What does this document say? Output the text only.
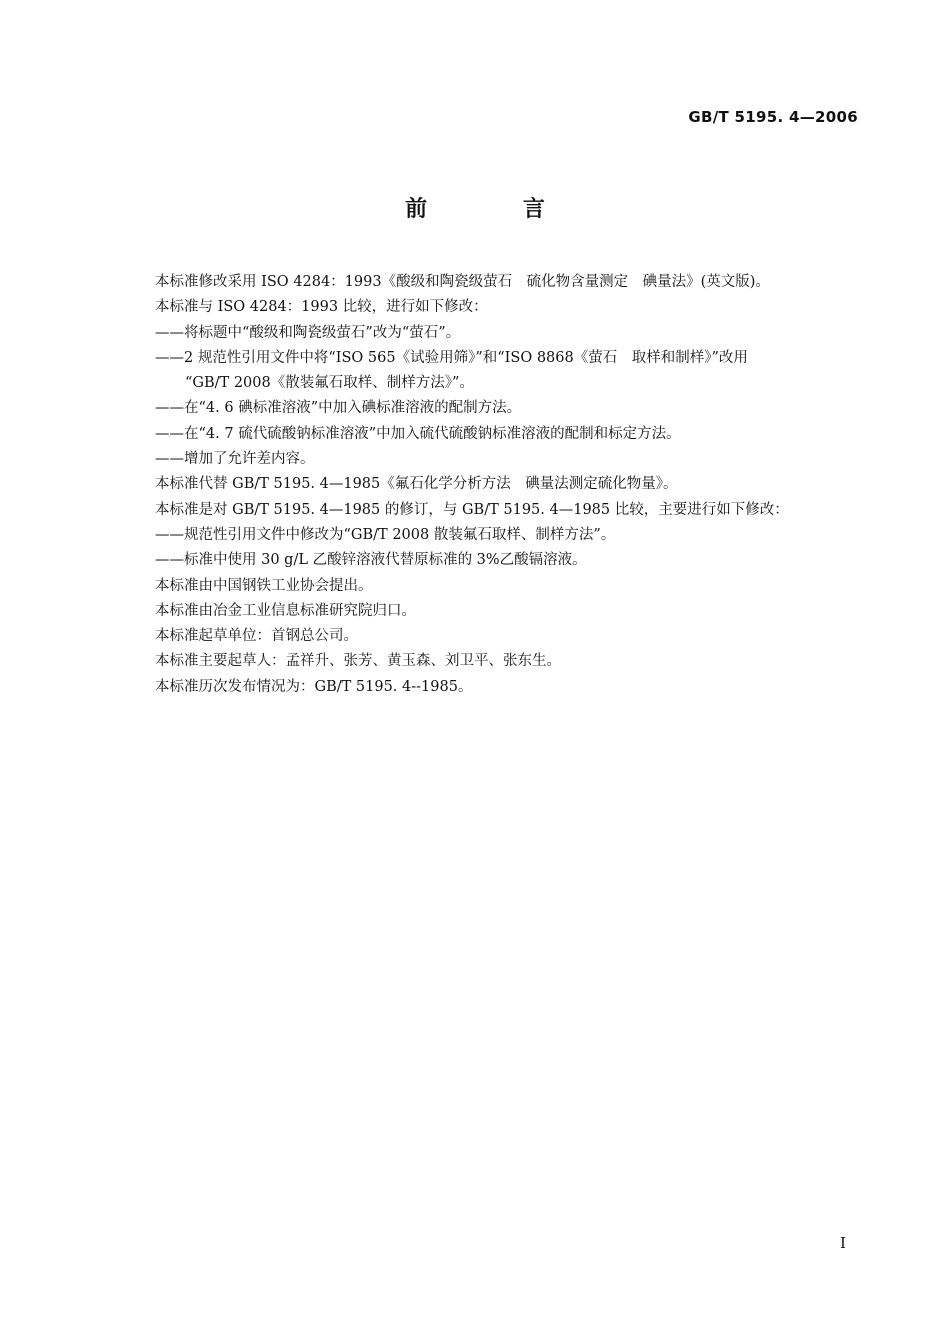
GB/T 5195. 4—2006
前 言
本标准修改采用 ISO 4284：1993《酸级和陶瓷级萤石　硫化物含量测定　碘量法》(英文版)。
本标准与 ISO 4284：1993 比较，进行如下修改：
——将标题中“酸级和陶瓷级萤石”改为“萤石”。
——2 规范性引用文件中将“ISO 565《试验用筛》”和“ISO 8868《萤石　取样和制样》”改用
“GB/T 2008《散装氟石取样、制样方法》”。
——在“4. 6 碘标准溶液”中加入碘标准溶液的配制方法。
——在“4. 7 硫代硫酸钠标准溶液”中加入硫代硫酸钠标准溶液的配制和标定方法。
——增加了允许差内容。
本标准代替 GB/T 5195. 4—1985《氟石化学分析方法　碘量法测定硫化物量》。
本标准是对 GB/T 5195. 4—1985 的修订，与 GB/T 5195. 4—1985 比较，主要进行如下修改：
——规范性引用文件中修改为“GB/T 2008 散装氟石取样、制样方法”。
——标准中使用 30 g/L 乙酸锌溶液代替原标准的 3%乙酸镉溶液。
本标准由中国钢铁工业协会提出。
本标准由冶金工业信息标准研究院归口。
本标准起草单位：首钢总公司。
本标准主要起草人：孟祥升、张芳、黄玉森、刘卫平、张东生。
本标准历次发布情况为：GB/T 5195. 4--1985。
I
